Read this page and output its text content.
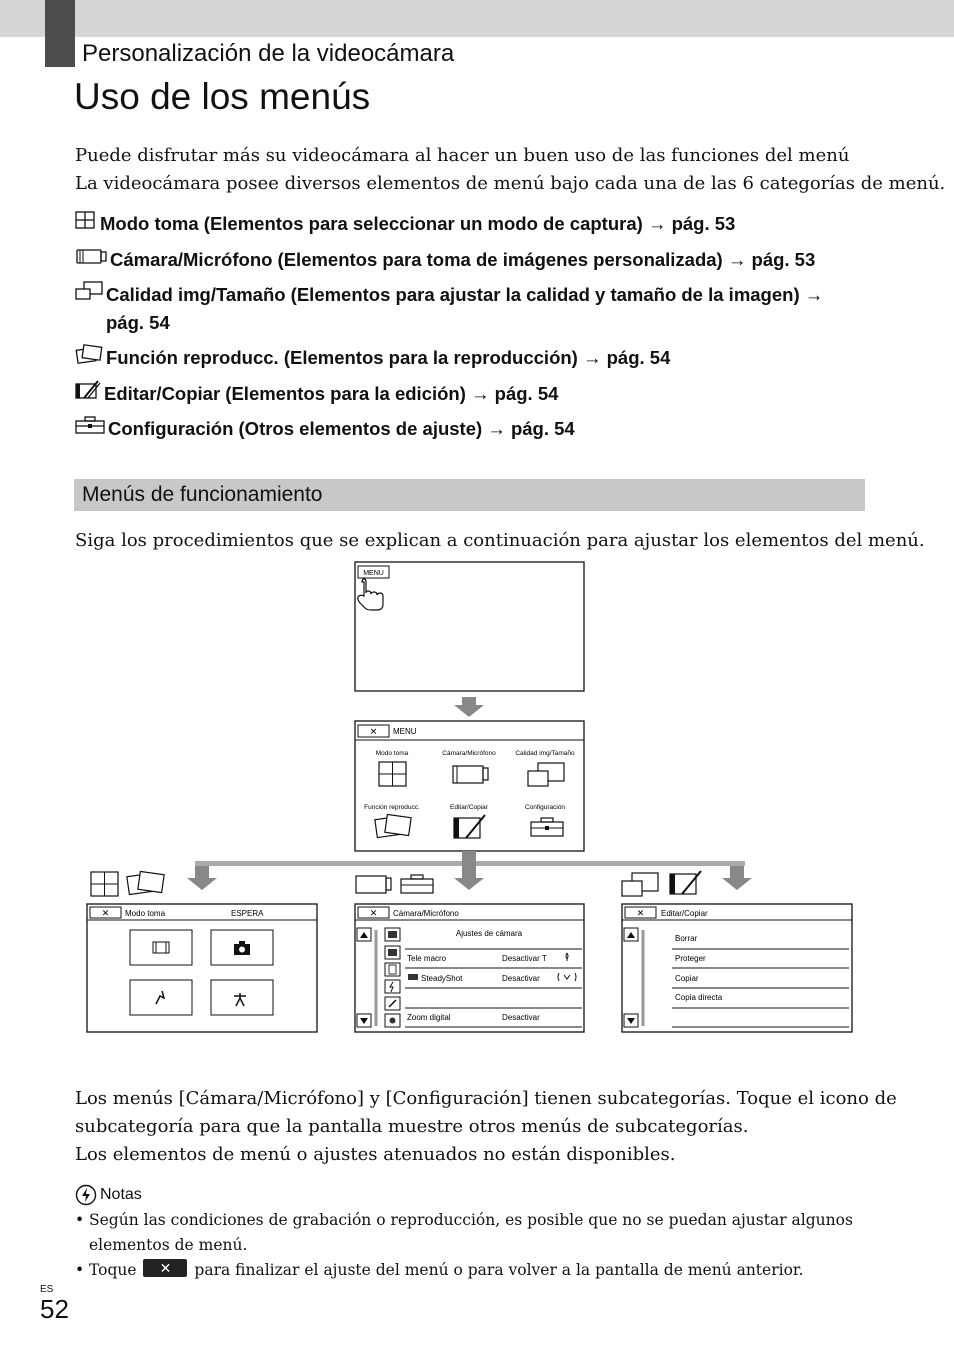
Personalización de la videocámara
Uso de los menús
Puede disfrutar más su videocámara al hacer un buen uso de las funciones del menú
La videocámara posee diversos elementos de menú bajo cada una de las 6 categorías de menú.
Modo toma (Elementos para seleccionar un modo de captura) → pág. 53
Cámara/Micrófono (Elementos para toma de imágenes personalizada) → pág. 53
Calidad img/Tamaño (Elementos para ajustar la calidad y tamaño de la imagen) → pág. 54
Función reproducc. (Elementos para la reproducción) → pág. 54
Editar/Copiar (Elementos para la edición) → pág. 54
Configuración (Otros elementos de ajuste) → pág. 54
Menús de funcionamiento
Siga los procedimientos que se explican a continuación para ajustar los elementos del menú.
MENU
✕ MENU
Modo toma	Cámara/Micrófono	Calidad img/Tamaño
Función reproducc.	Editar/Copiar	Configuración
✕ Modo toma	ESPERA	✕ Cámara/Micrófono
Ajustes de cámara
Tele macro	Desactivar T
SteadyShot	Desactivar
Zoom digital	Desactivar
✕ Editar/Copiar
Borrar
Proteger
Copiar
Copia directa
Los menús [Cámara/Micrófono] y [Configuración] tienen subcategorías. Toque el icono de
subcategoría para que la pantalla muestre otros menús de subcategorías.
Los elementos de menú o ajustes atenuados no están disponibles.
Notas
• Según las condiciones de grabación o reproducción, es posible que no se puedan ajustar algunos elementos de menú.
• Toque ✕ para finalizar el ajuste del menú o para volver a la pantalla de menú anterior.
ES
52
